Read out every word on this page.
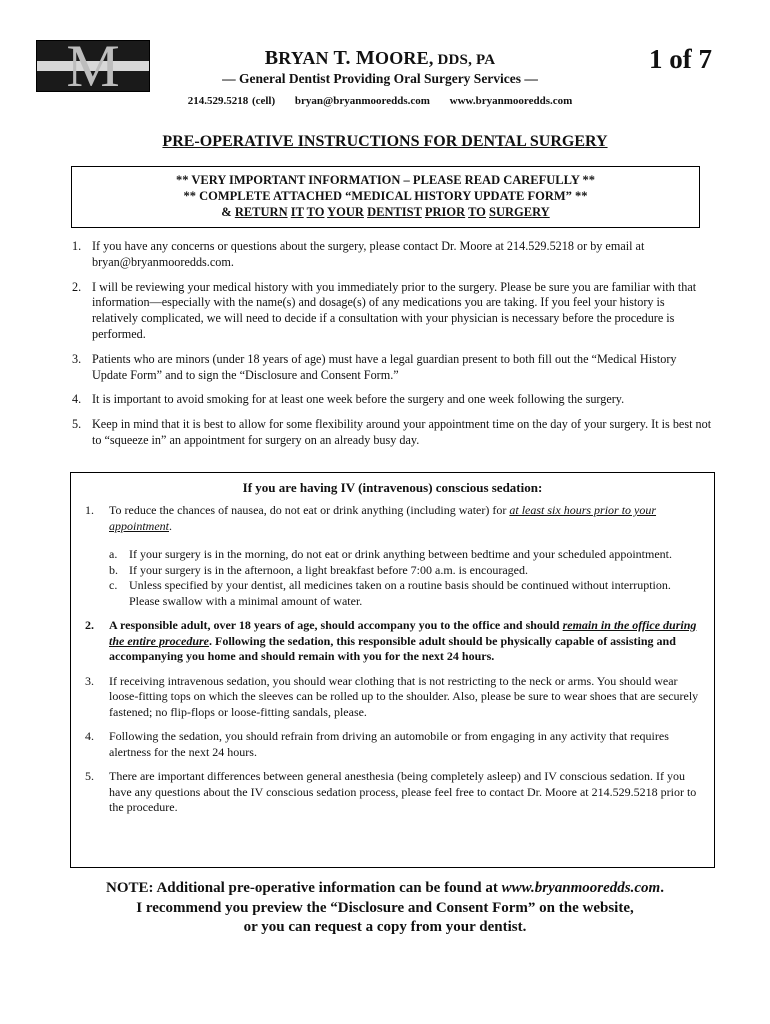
M	BRYAN T. MOORE, DDS, PA
— General Dentist Providing Oral Surgery Services —
214.529.5218 (cell) bryan@bryanmooredds.com www.bryanmooredds.com
1 of 7
PRE-OPERATIVE INSTRUCTIONS FOR DENTAL SURGERY
** VERY IMPORTANT INFORMATION – PLEASE READ CAREFULLY **
** COMPLETE ATTACHED “MEDICAL HISTORY UPDATE FORM” **
& RETURN IT TO YOUR DENTIST PRIOR TO SURGERY
1. If you have any concerns or questions about the surgery, please contact Dr. Moore at 214.529.5218 or by email at bryan@bryanmooredds.com.
2. I will be reviewing your medical history with you immediately prior to the surgery. Please be sure you are familiar with that information—especially with the name(s) and dosage(s) of any medications you are taking. If you feel your history is relatively complicated, we will need to decide if a consultation with your physician is necessary before the procedure is performed.
3. Patients who are minors (under 18 years of age) must have a legal guardian present to both fill out the “Medical History Update Form” and to sign the “Disclosure and Consent Form.”
4. It is important to avoid smoking for at least one week before the surgery and one week following the surgery.
5. Keep in mind that it is best to allow for some flexibility around your appointment time on the day of your surgery. It is best not to “squeeze in” an appointment for surgery on an already busy day.
If you are having IV (intravenous) conscious sedation:
1.	To reduce the chances of nausea, do not eat or drink anything (including water) for at least six hours prior to your appointment.
a. If your surgery is in the morning, do not eat or drink anything between bedtime and your scheduled appointment.
b. If your surgery is in the afternoon, a light breakfast before 7:00 a.m. is encouraged.
c. Unless specified by your dentist, all medicines taken on a routine basis should be continued without interruption. Please swallow with a minimal amount of water.
2.	A responsible adult, over 18 years of age, should accompany you to the office and should remain in the office during the entire procedure. Following the sedation, this responsible adult should be physically capable of assisting and accompanying you home and should remain with you for the next 24 hours.
3.	If receiving intravenous sedation, you should wear clothing that is not restricting to the neck or arms. You should wear loose-fitting tops on which the sleeves can be rolled up to the shoulder. Also, please be sure to wear shoes that are securely fastened; no flip-flops or loose-fitting sandals, please.
4.	Following the sedation, you should refrain from driving an automobile or from engaging in any activity that requires alertness for the next 24 hours.
5.	There are important differences between general anesthesia (being completely asleep) and IV conscious sedation. If you have any questions about the IV conscious sedation process, please feel free to contact Dr. Moore at 214.529.5218 prior to the procedure.
NOTE: Additional pre-operative information can be found at www.bryanmooredds.com.
I recommend you preview the “Disclosure and Consent Form” on the website,
or you can request a copy from your dentist.
